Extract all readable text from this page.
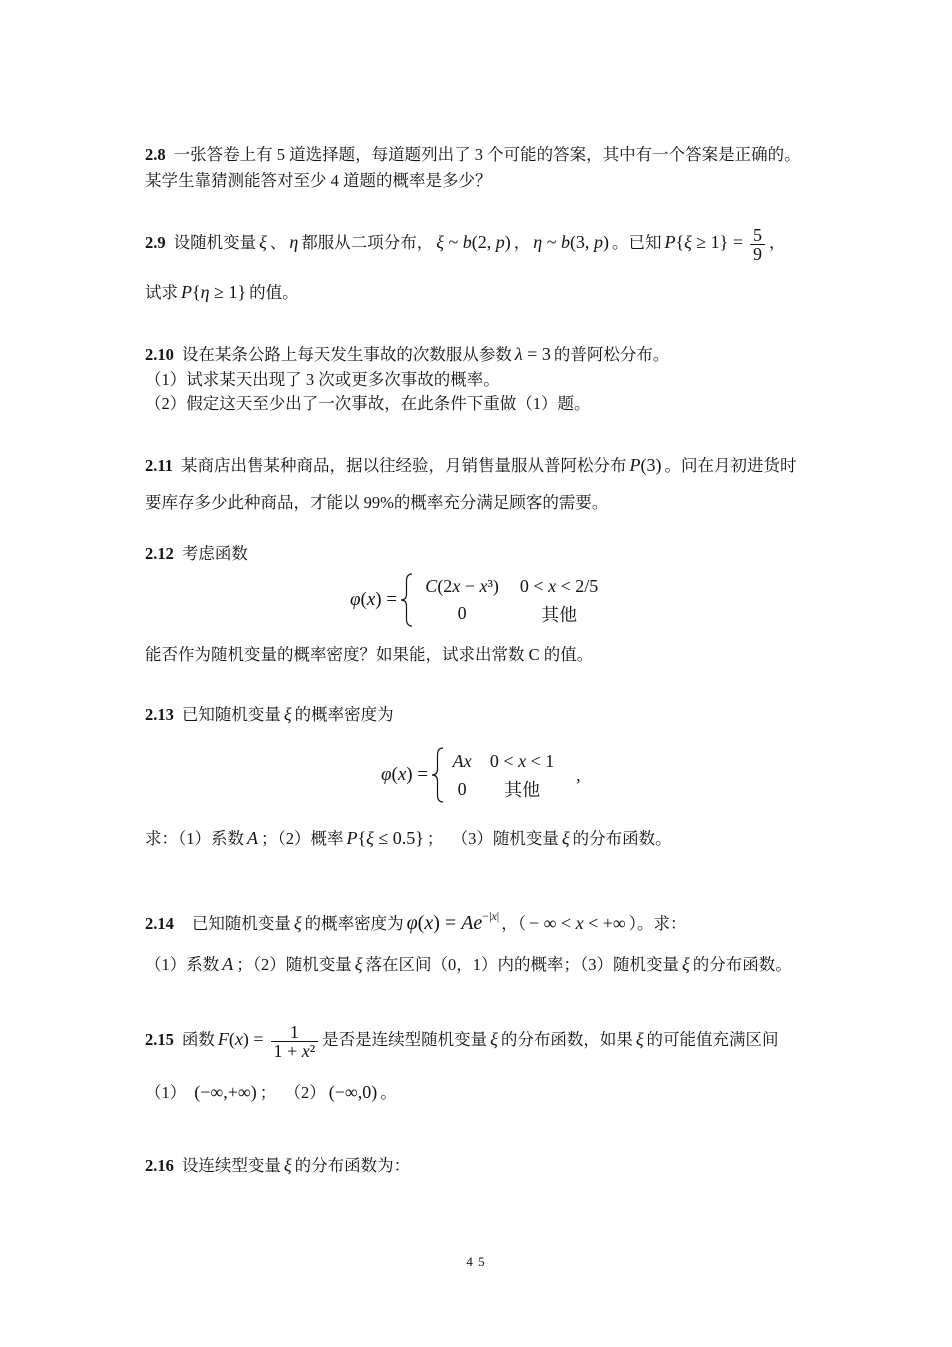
2.8 一张答卷上有 5 道选择题，每道题列出了 3 个可能的答案，其中有一个答案是正确的。
某学生靠猜测能答对至少 4 道题的概率是多少？
2.9 设随机变量 ξ 、 η 都服从二项分布， ξ ~ b(2, p) ， η ~ b(3, p) 。已知 $P\{\xi \ge 1\} = \frac{5}{9}$ ，
试求 P{η ≥ 1} 的值。
2.10 设在某条公路上每天发生事故的次数服从参数 λ = 3 的普阿松分布。
（1）试求某天出现了 3 次或更多次事故的概率。
（2）假定这天至少出了一次事故，在此条件下重做（1）题。
2.11 某商店出售某种商品，据以往经验，月销售量服从普阿松分布 P(3) 。问在月初进货时
要库存多少此种商品，才能以 99%的概率充分满足顾客的需要。
2.12 考虑函数
φ(x) =
C(2x − x³)	0 < x < 2/5
0	其他
能否作为随机变量的概率密度？如果能，试求出常数 C 的值。
2.13 已知随机变量 ξ 的概率密度为
φ(x) =
Ax	0 < x < 1
0	其他
,
求：（1）系数 A ；（2）概率 P{ξ ≤ 0.5} ；  （3）随机变量 ξ 的分布函数。
2.14 已知随机变量 ξ 的概率密度为 $\varphi(x) = Ae^{-|x|}$ ，（ − ∞ < x < +∞ ）。求：
（1）系数 A ；（2）随机变量 ξ 落在区间（0，1）内的概率；（3）随机变量 ξ 的分布函数。
2.15 函数 $F(x) = \frac{1}{\text{1 + x²}}$ 是否是连续型随机变量 ξ 的分布函数，如果 ξ 的可能值充满区间
（1） (−∞,+∞) ；  （2） (−∞,0) 。
2.16 设连续型变量 ξ 的分布函数为：
4 5
